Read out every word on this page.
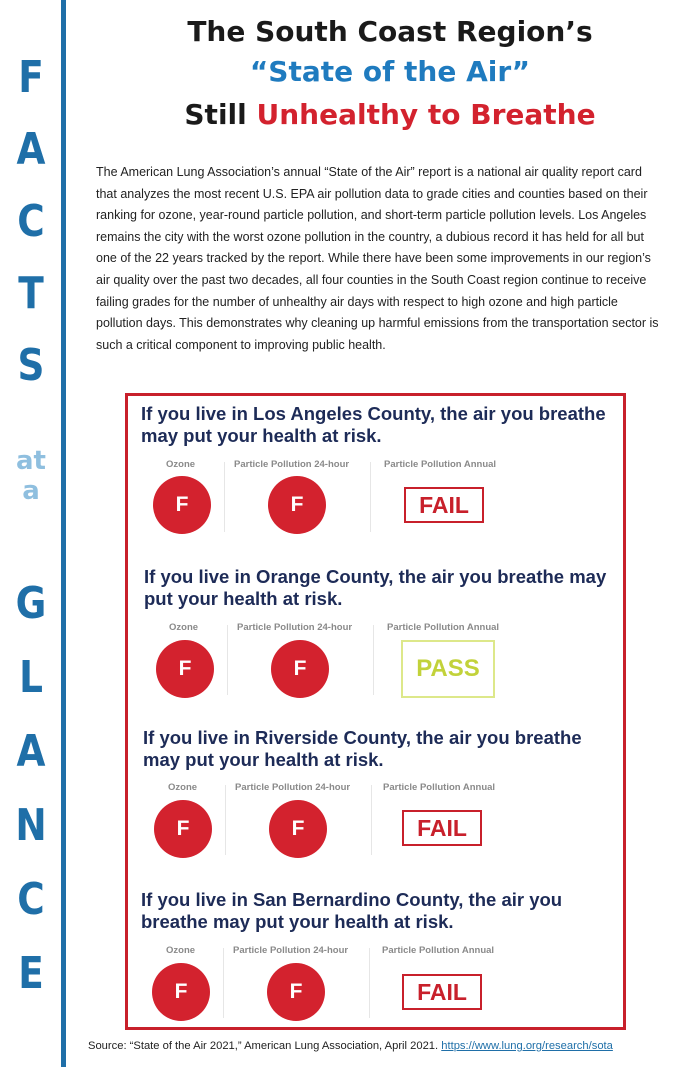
F
A
C
T
S
at
a
G
L
A
N
C
E
The South Coast Region’s
“State of the Air”
Still Unhealthy to Breathe
The American Lung Association’s annual “State of the Air” report is a national air quality report card that analyzes the most recent U.S. EPA air pollution data to grade cities and counties based on their ranking for ozone, year-round particle pollution, and short-term particle pollution levels. Los Angeles remains the city with the worst ozone pollution in the country, a dubious record it has held for all but one of the 22 years tracked by the report. While there have been some improvements in our region’s air quality over the past two decades, all four counties in the South Coast region continue to receive failing grades for the number of unhealthy air days with respect to high ozone and high particle pollution days. This demonstrates why cleaning up harmful emissions from the transportation sector is such a critical component to improving public health.
If you live in Los Angeles County, the air you breathe may put your health at risk.
Ozone	Particle Pollution 24-hour	Particle Pollution Annual
F	F	FAIL
If you live in Orange County, the air you breathe may put your health at risk.
Ozone	Particle Pollution 24-hour	Particle Pollution Annual
F	F	PASS
If you live in Riverside County, the air you breathe may put your health at risk.
Ozone	Particle Pollution 24-hour	Particle Pollution Annual
F	F	FAIL
If you live in San Bernardino County, the air you breathe may put your health at risk.
Ozone	Particle Pollution 24-hour	Particle Pollution Annual
F	F	FAIL
Source: “State of the Air 2021,” American Lung Association, April 2021. https://www.lung.org/research/sota
